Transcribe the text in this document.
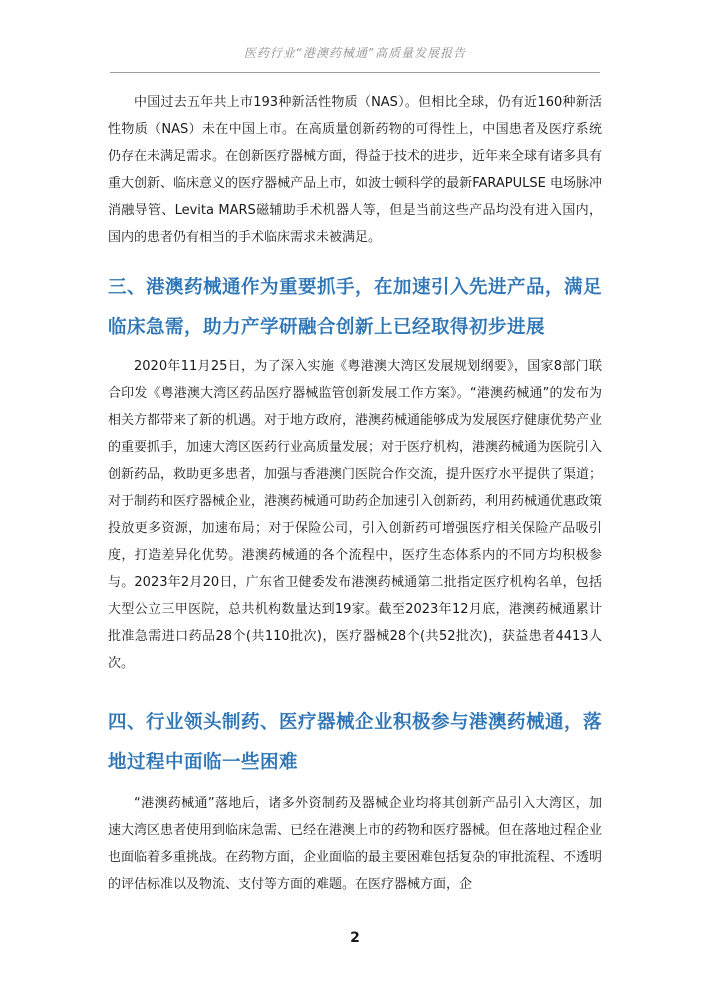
医药行业“港澳药械通”高质量发展报告

中国过去五年共上市193种新活性物质（NAS）。但相比全球，仍有近160种新活性物质（NAS）未在中国上市。在高质量创新药物的可得性上，中国患者及医疗系统仍存在未满足需求。在创新医疗器械方面，得益于技术的进步，近年来全球有诸多具有重大创新、临床意义的医疗器械产品上市，如波士顿科学的最新FARAPULSE 电场脉冲消融导管、Levita MARS磁辅助手术机器人等，但是当前这些产品均没有进入国内，国内的患者仍有相当的手术临床需求未被满足。

三、港澳药械通作为重要抓手，在加速引入先进产品，满足临床急需，助力产学研融合创新上已经取得初步进展

2020年11月25日，为了深入实施《粤港澳大湾区发展规划纲要》，国家8部门联合印发《粤港澳大湾区药品医疗器械监管创新发展工作方案》。“港澳药械通”的发布为相关方都带来了新的机遇。对于地方政府，港澳药械通能够成为发展医疗健康优势产业的重要抓手，加速大湾区医药行业高质量发展；对于医疗机构，港澳药械通为医院引入创新药品，救助更多患者，加强与香港澳门医院合作交流，提升医疗水平提供了渠道；对于制药和医疗器械企业，港澳药械通可助药企加速引入创新药，利用药械通优惠政策投放更多资源，加速布局；对于保险公司，引入创新药可增强医疗相关保险产品吸引度，打造差异化优势。港澳药械通的各个流程中，医疗生态体系内的不同方均积极参与。2023年2月20日，广东省卫健委发布港澳药械通第二批指定医疗机构名单，包括大型公立三甲医院，总共机构数量达到19家。截至2023年12月底，港澳药械通累计批准急需进口药品28个(共110批次)，医疗器械28个(共52批次)，获益患者4413人次。

四、行业领头制药、医疗器械企业积极参与港澳药械通，落地过程中面临一些困难

“港澳药械通”落地后，诸多外资制药及器械企业均将其创新产品引入大湾区，加速大湾区患者使用到临床急需、已经在港澳上市的药物和医疗器械。但在落地过程企业也面临着多重挑战。在药物方面，企业面临的最主要困难包括复杂的审批流程、不透明的评估标准以及物流、支付等方面的难题。在医疗器械方面，企

2
